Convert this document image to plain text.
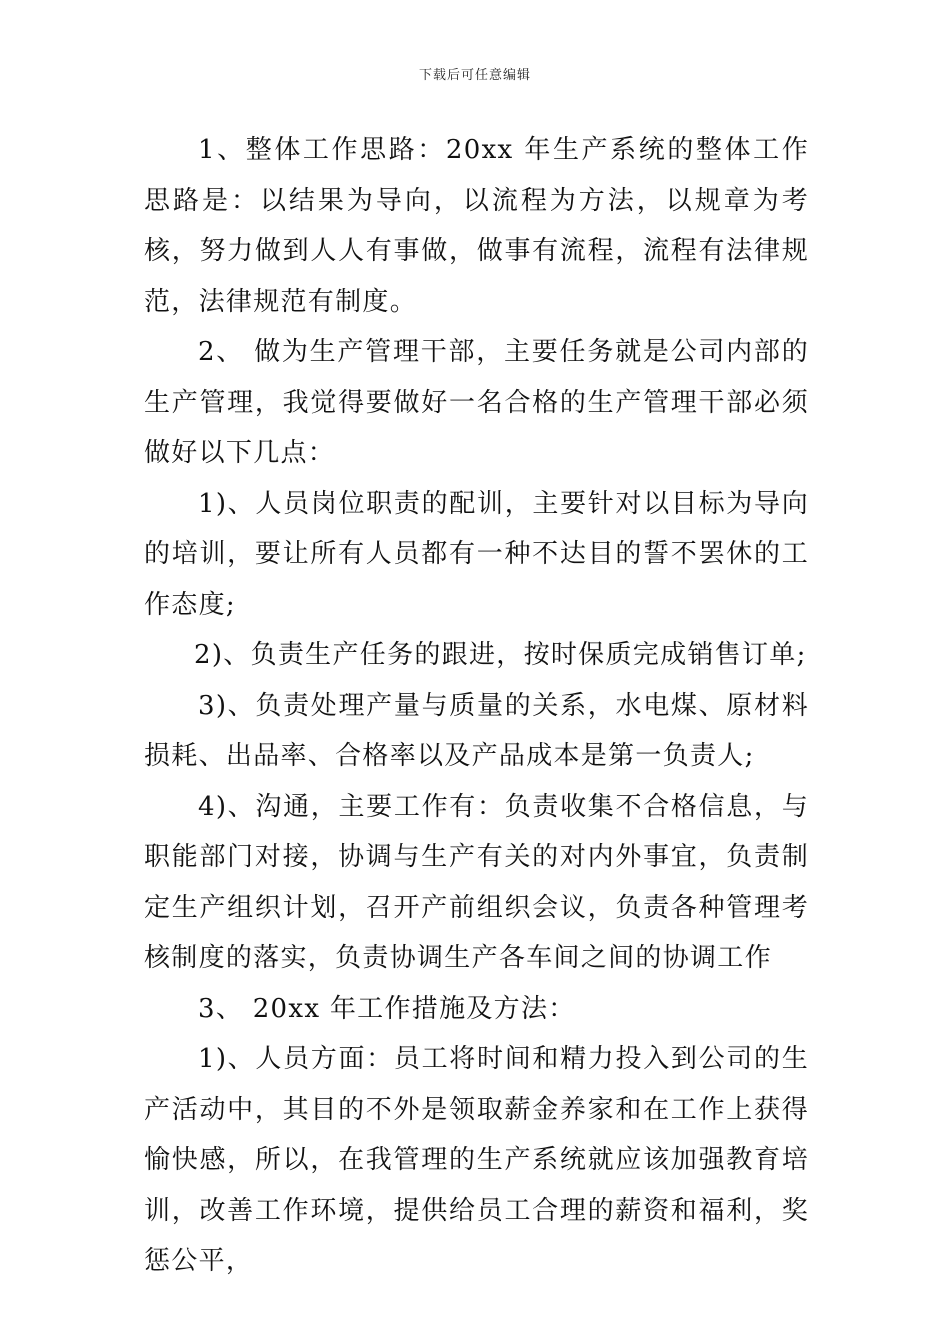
下载后可任意编辑

1、整体工作思路：20xx 年生产系统的整体工作思路是：以结果为导向，以流程为方法，以规章为考核，努力做到人人有事做，做事有流程，流程有法律规范，法律规范有制度。

2、 做为生产管理干部，主要任务就是公司内部的生产管理，我觉得要做好一名合格的生产管理干部必须做好以下几点：

1)、人员岗位职责的配训，主要针对以目标为导向的培训，要让所有人员都有一种不达目的誓不罢休的工作态度;

2)、负责生产任务的跟进，按时保质完成销售订单;

3)、负责处理产量与质量的关系，水电煤、原材料损耗、出品率、合格率以及产品成本是第一负责人;

4)、沟通，主要工作有：负责收集不合格信息，与职能部门对接，协调与生产有关的对内外事宜，负责制定生产组织计划，召开产前组织会议，负责各种管理考核制度的落实，负责协调生产各车间之间的协调工作

3、 20xx 年工作措施及方法：

1)、人员方面：员工将时间和精力投入到公司的生产活动中，其目的不外是领取薪金养家和在工作上获得愉快感，所以，在我管理的生产系统就应该加强教育培训，改善工作环境，提供给员工合理的薪资和福利，奖惩公平，
